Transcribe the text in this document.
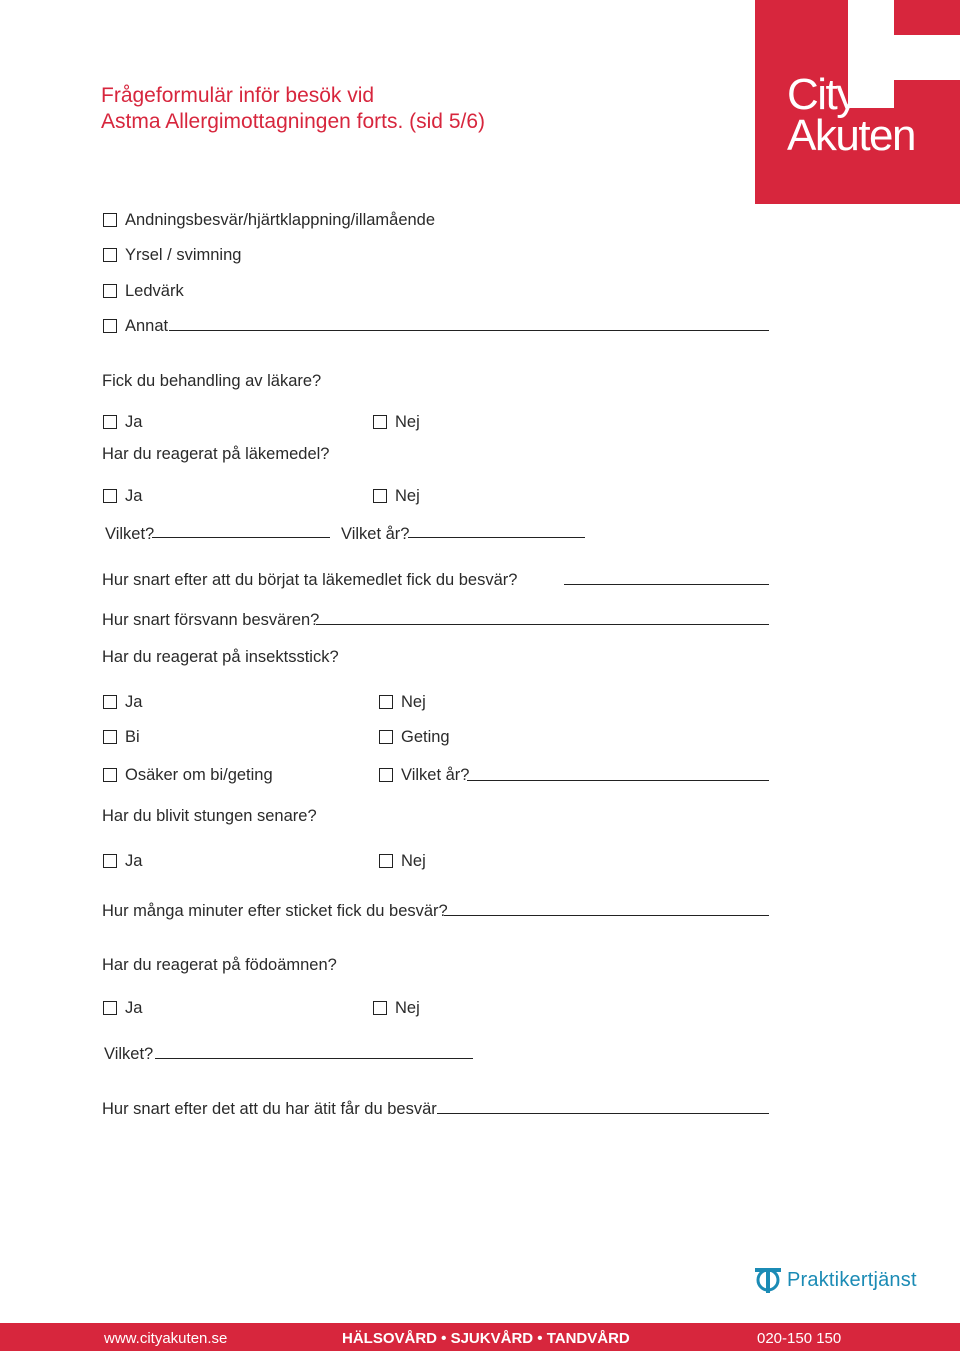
Frågeformulär inför besök vid
Astma Allergimottagningen forts. (sid 5/6)
City
Akuten
Andningsbesvär/hjärtklappning/illamående
Yrsel / svimning
Ledvärk
Annat
Fick du behandling av läkare?
Ja	Nej
Har du reagerat på läkemedel?
Ja	Nej
Vilket?	Vilket år?
Hur snart efter att du börjat ta läkemedlet fick du besvär?
Hur snart försvann besvären?
Har du reagerat på insektsstick?
Ja	Nej
Bi	Geting
Osäker om bi/geting	Vilket år?
Har du blivit stungen senare?
Ja	Nej
Hur många minuter efter sticket fick du besvär?
Har du reagerat på födoämnen?
Ja	Nej
Vilket?
Hur snart efter det att du har ätit får du besvär
Praktikertjänst
www.cityakuten.se	HÄLSOVÅRD • SJUKVÅRD • TANDVÅRD	020-150 150
